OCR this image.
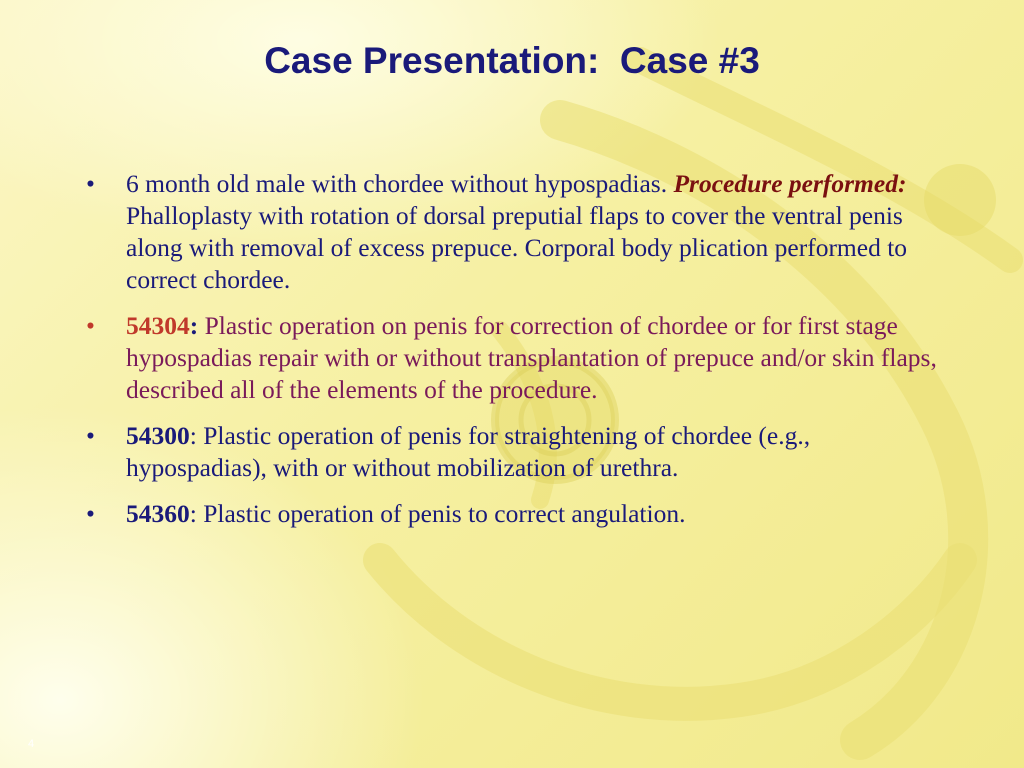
Case Presentation:  Case #3
•	6 month old male with chordee without hypospadias. Procedure performed: Phalloplasty with rotation of dorsal preputial flaps to cover the ventral penis along with removal of excess prepuce. Corporal body plication performed to correct chordee.
•	54304: Plastic operation on penis for correction of chordee or for first stage hypospadias repair with or without transplantation of prepuce and/or skin flaps, described all of the elements of the procedure.
•	54300: Plastic operation of penis for straightening of chordee (e.g., hypospadias), with or without mobilization of urethra.
•	54360: Plastic operation of penis to correct angulation.
4
